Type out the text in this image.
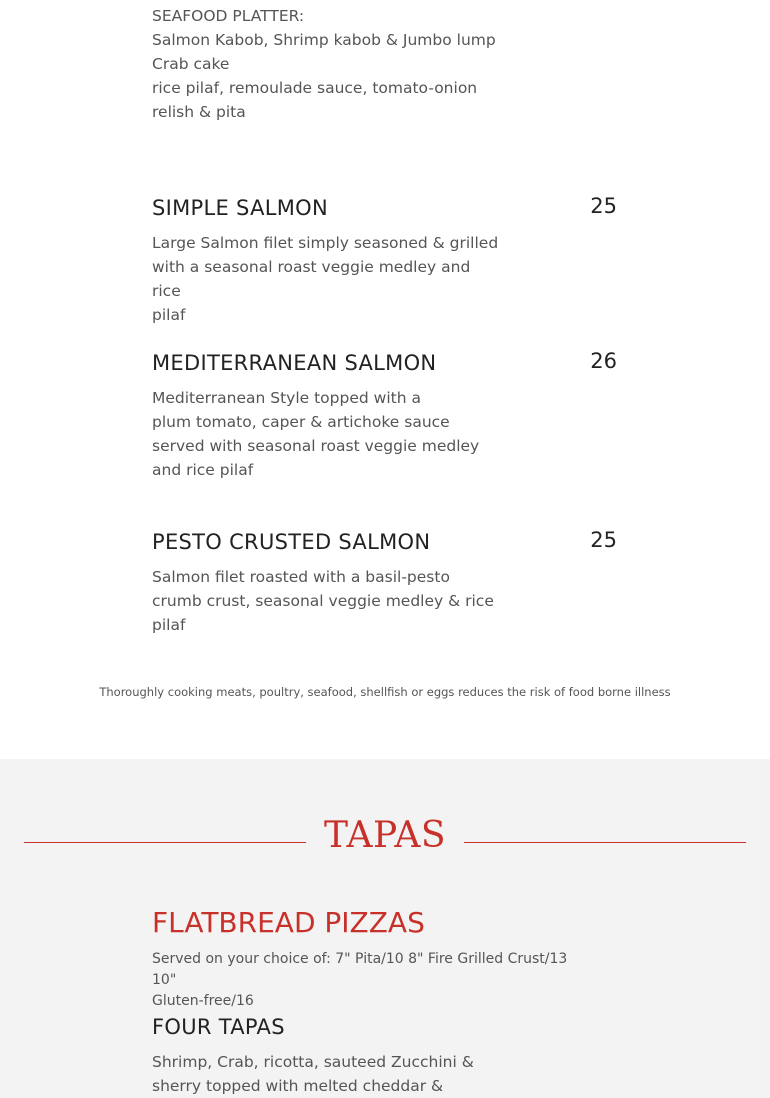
SEAFOOD PLATTER:
Salmon Kabob, Shrimp kabob & Jumbo lump
Crab cake
rice pilaf, remoulade sauce, tomato-onion
relish & pita
SIMPLE SALMON	25
Large Salmon filet simply seasoned & grilled
with a seasonal roast veggie medley and rice
pilaf
MEDITERRANEAN SALMON	26
Mediterranean Style topped with a
plum tomato, caper & artichoke sauce
served with seasonal roast veggie medley
and rice pilaf
PESTO CRUSTED SALMON	25
Salmon filet roasted with a basil-pesto
crumb crust, seasonal veggie medley & rice
pilaf
Thoroughly cooking meats, poultry, seafood, shellfish or eggs reduces the risk of food borne illness
TAPAS
FLATBREAD PIZZAS
Served on your choice of: 7" Pita/10 8" Fire Grilled Crust/13 10"
Gluten-free/16
FOUR TAPAS
Shrimp, Crab, ricotta, sauteed Zucchini &
sherry topped with melted cheddar &
